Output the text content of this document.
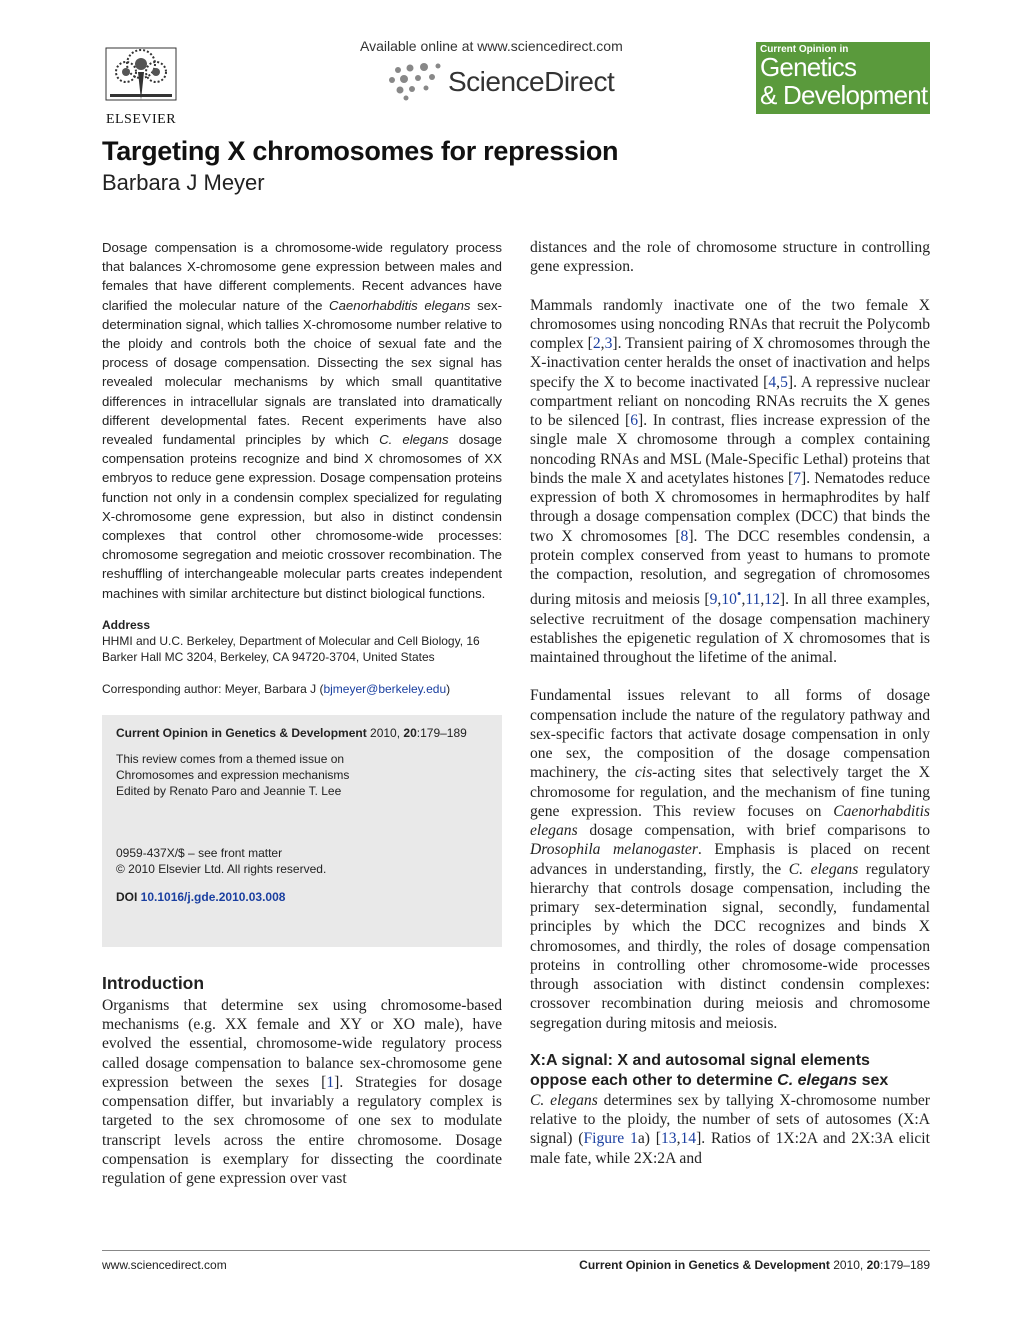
ELSEVIER
Available online at www.sciencedirect.com
ScienceDirect
Current Opinion in
Genetics
& Development
Targeting X chromosomes for repression
Barbara J Meyer

Dosage compensation is a chromosome-wide regulatory process that balances X-chromosome gene expression between males and females that have different complements. Recent advances have clarified the molecular nature of the Caenorhabditis elegans sex-determination signal, which tallies X-chromosome number relative to the ploidy and controls both the choice of sexual fate and the process of dosage compensation. Dissecting the sex signal has revealed molecular mechanisms by which small quantitative differences in intracellular signals are translated into dramatically different developmental fates. Recent experiments have also revealed fundamental principles by which C. elegans dosage compensation proteins recognize and bind X chromosomes of XX embryos to reduce gene expression. Dosage compensation proteins function not only in a condensin complex specialized for regulating X-chromosome gene expression, but also in distinct condensin complexes that control other chromosome-wide processes: chromosome segregation and meiotic crossover recombination. The reshuffling of interchangeable molecular parts creates independent machines with similar architecture but distinct biological functions.

Address
HHMI and U.C. Berkeley, Department of Molecular and Cell Biology, 16 Barker Hall MC 3204, Berkeley, CA 94720-3704, United States
Corresponding author: Meyer, Barbara J (bjmeyer@berkeley.edu)
Current Opinion in Genetics & Development 2010, 20:179–189
This review comes from a themed issue on
Chromosomes and expression mechanisms
Edited by Renato Paro and Jeannie T. Lee
0959-437X/$ – see front matter
© 2010 Elsevier Ltd. All rights reserved.
DOI 10.1016/j.gde.2010.03.008
Introduction

Organisms that determine sex using chromosome-based mechanisms (e.g. XX female and XY or XO male), have evolved the essential, chromosome-wide regulatory process called dosage compensation to balance sex-chromosome gene expression between the sexes [1]. Strategies for dosage compensation differ, but invariably a regulatory complex is targeted to the sex chromosome of one sex to modulate transcript levels across the entire chromosome. Dosage compensation is exemplary for dissecting the coordinate regulation of gene expression over vast

distances and the role of chromosome structure in controlling gene expression.

Mammals randomly inactivate one of the two female X chromosomes using noncoding RNAs that recruit the Polycomb complex [2,3]. Transient pairing of X chromosomes through the X-inactivation center heralds the onset of inactivation and helps specify the X to become inactivated [4,5]. A repressive nuclear compartment reliant on noncoding RNAs recruits the X genes to be silenced [6]. In contrast, flies increase expression of the single male X chromosome through a complex containing noncoding RNAs and MSL (Male-Specific Lethal) proteins that binds the male X and acetylates histones [7]. Nematodes reduce expression of both X chromosomes in hermaphrodites by half through a dosage compensation complex (DCC) that binds the two X chromosomes [8]. The DCC resembles condensin, a protein complex conserved from yeast to humans to promote the compaction, resolution, and segregation of chromosomes during mitosis and meiosis [9,10•,11,12]. In all three examples, selective recruitment of the dosage compensation machinery establishes the epigenetic regulation of X chromosomes that is maintained throughout the lifetime of the animal.

Fundamental issues relevant to all forms of dosage compensation include the nature of the regulatory pathway and sex-specific factors that activate dosage compensation in only one sex, the composition of the dosage compensation machinery, the cis-acting sites that selectively target the X chromosome for regulation, and the mechanism of fine tuning gene expression. This review focuses on Caenorhabditis elegans dosage compensation, with brief comparisons to Drosophila melanogaster. Emphasis is placed on recent advances in understanding, firstly, the C. elegans regulatory hierarchy that controls dosage compensation, including the primary sex-determination signal, secondly, fundamental principles by which the DCC recognizes and binds X chromosomes, and thirdly, the roles of dosage compensation proteins in controlling other chromosome-wide processes through association with distinct condensin complexes: crossover recombination during meiosis and chromosome segregation during mitosis and meiosis.

X:A signal: X and autosomal signal elements oppose each other to determine C. elegans sex

C. elegans determines sex by tallying X-chromosome number relative to the ploidy, the number of sets of autosomes (X:A signal) (Figure 1a) [13,14]. Ratios of 1X:2A and 2X:3A elicit male fate, while 2X:2A and

www.sciencedirect.com	Current Opinion in Genetics & Development 2010, 20:179–189
